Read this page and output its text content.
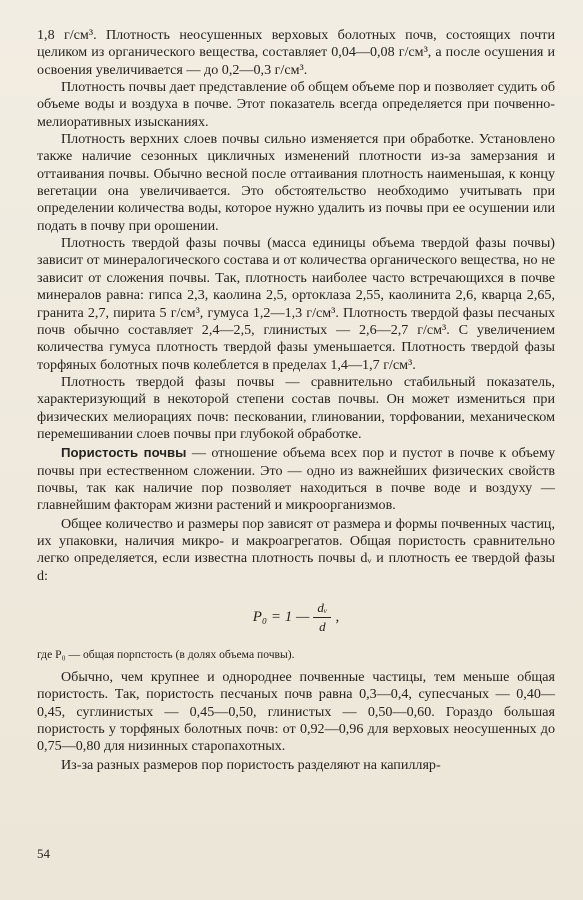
1,8 г/см³. Плотность неосушенных верховых болотных почв, состоящих почти целиком из органического вещества, составляет 0,04—0,08 г/см³, а после осушения и освоения увеличивается — до 0,2—0,3 г/см³.

Плотность почвы дает представление об общем объеме пор и позволяет судить об объеме воды и воздуха в почве. Этот показатель всегда определяется при почвенно-мелиоративных изысканиях.

Плотность верхних слоев почвы сильно изменяется при обработке. Установлено также наличие сезонных цикличных изменений плотности из-за замерзания и оттаивания почвы. Обычно весной после оттаивания плотность наименьшая, к концу вегетации она увеличивается. Это обстоятельство необходимо учитывать при определении количества воды, которое нужно удалить из почвы при ее осушении или подать в почву при орошении.

Плотность твердой фазы почвы (масса единицы объема твердой фазы почвы) зависит от минералогического состава и от количества органического вещества, но не зависит от сложения почвы. Так, плотность наиболее часто встречающихся в почве минералов равна: гипса 2,3, каолина 2,5, ортоклаза 2,55, каолинита 2,6, кварца 2,65, гранита 2,7, пирита 5 г/см³, гумуса 1,2—1,3 г/см³. Плотность твердой фазы песчаных почв обычно составляет 2,4—2,5, глинистых — 2,6—2,7 г/см³. С увеличением количества гумуса плотность твердой фазы уменьшается. Плотность твердой фазы торфяных болотных почв колеблется в пределах 1,4—1,7 г/см³.

Плотность твердой фазы почвы — сравнительно стабильный показатель, характеризующий в некоторой степени состав почвы. Он может измениться при физических мелиорациях почв: песковании, глиновании, торфовании, механическом перемешивании слоев почвы при глубокой обработке.

Пористость почвы — отношение объема всех пор и пустот в почве к объему почвы при естественном сложении. Это — одно из важнейших физических свойств почвы, так как наличие пор позволяет находиться в почве воде и воздуху — главнейшим факторам жизни растений и микроорганизмов.

Общее количество и размеры пор зависят от размера и формы почвенных частиц, их упаковки, наличия микро- и макроагрегатов. Общая пористость сравнительно легко определяется, если известна плотность почвы dᵥ и плотность ее твердой фазы d:

P₀ = 1 — $\frac{\text{dᵥ}}{d}$ ,

где P₀ — общая порпстость (в долях объема почвы).

Обычно, чем крупнее и однороднее почвенные частицы, тем меньше общая пористость. Так, пористость песчаных почв равна 0,3—0,4, супесчаных — 0,40—0,45, суглинистых — 0,45—0,50, глинистых — 0,50—0,60. Гораздо большая пористость у торфяных болотных почв: от 0,92—0,96 для верховых неосушенных до 0,75—0,80 для низинных старопахотных.

Из-за разных размеров пор пористость разделяют на капилляр-

54
